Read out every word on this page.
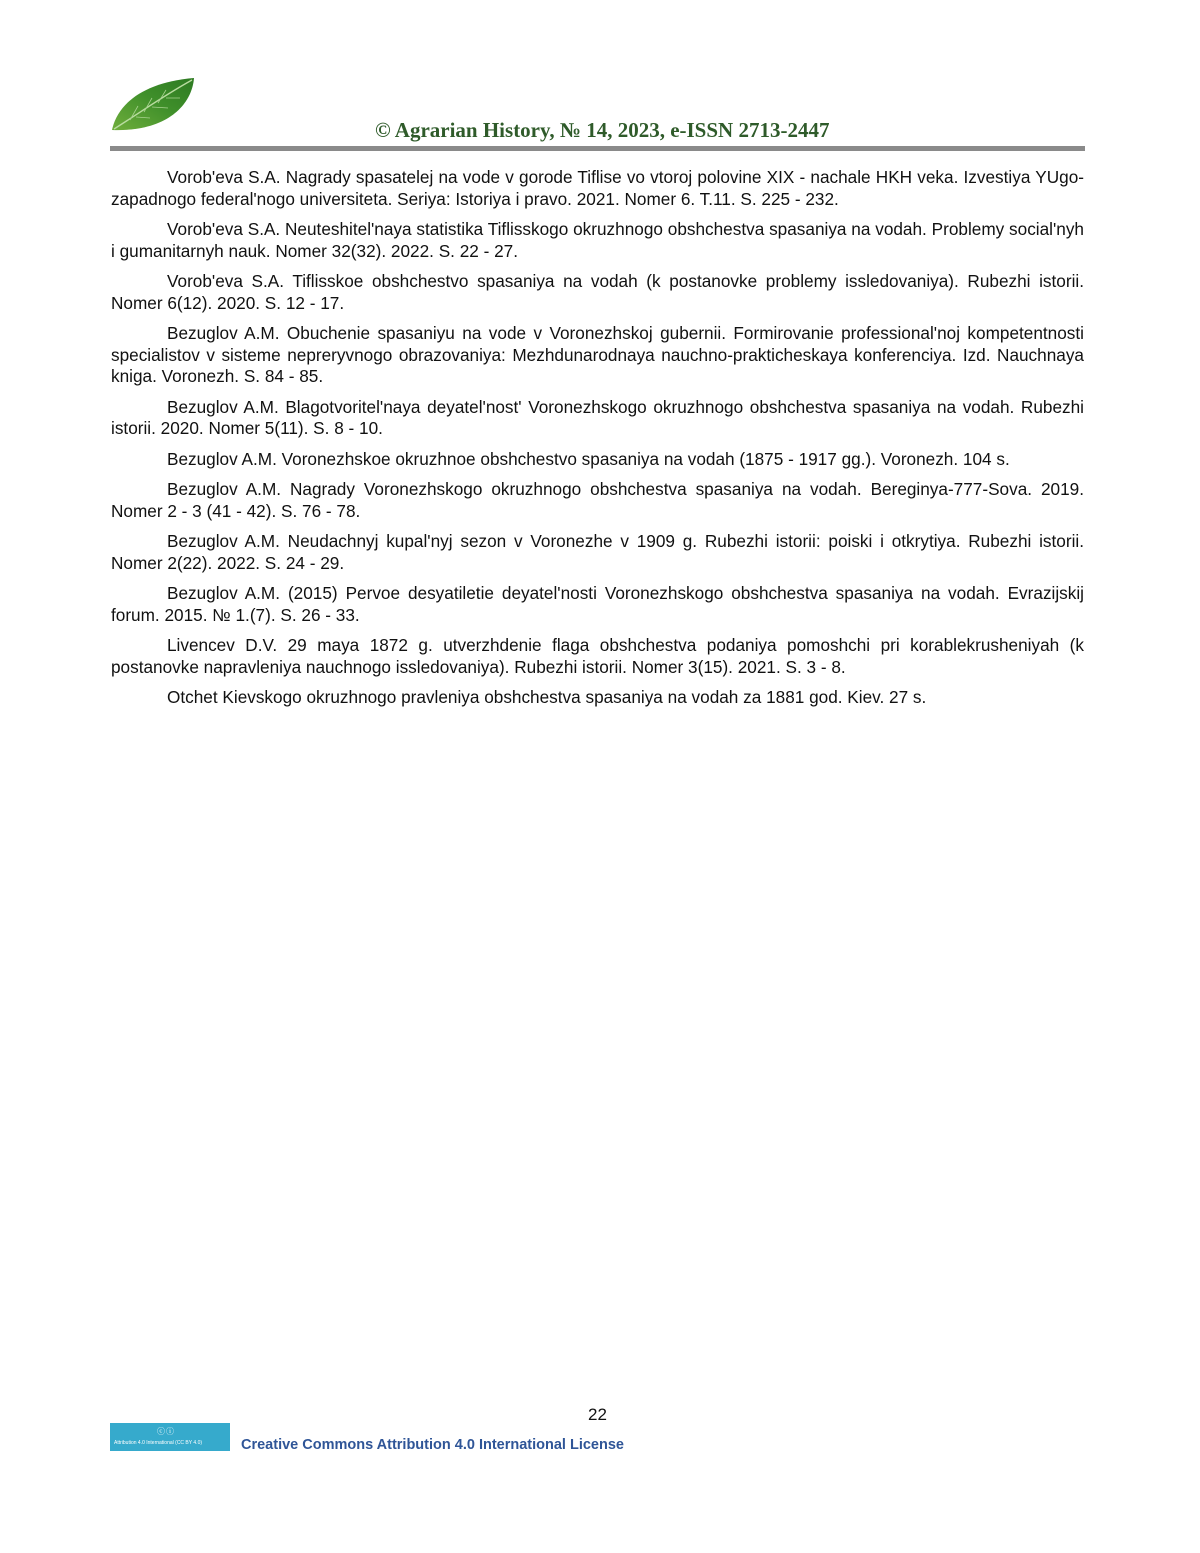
© Agrarian History, № 14, 2023, e-ISSN 2713-2447
Vorob'eva S.A. Nagrady spasatelej na vode v gorode Tiflise vo vtoroj polovine XIX - nachale HKH veka. Izvestiya YUgo-zapadnogo federal'nogo universiteta. Seriya: Istoriya i pravo. 2021. Nomer 6. T.11. S. 225 - 232.
Vorob'eva S.A. Neuteshitel'naya statistika Tiflisskogo okruzhnogo obshchestva spasaniya na vodah. Problemy social'nyh i gumanitarnyh nauk. Nomer 32(32). 2022. S. 22 - 27.
Vorob'eva S.A. Tiflisskoe obshchestvo spasaniya na vodah (k postanovke problemy issledovaniya). Rubezhi istorii. Nomer 6(12). 2020. S. 12 - 17.
Bezuglov A.M. Obuchenie spasaniyu na vode v Voronezhskoj gubernii. Formirovanie professional'noj kompetentnosti specialistov v sisteme nepreryvnogo obrazovaniya: Mezhdunarodnaya nauchno-prakticheskaya konferenciya. Izd. Nauchnaya kniga. Voronezh. S. 84 - 85.
Bezuglov A.M. Blagotvoritel'naya deyatel'nost' Voronezhskogo okruzhnogo obshchestva spasaniya na vodah. Rubezhi istorii. 2020. Nomer 5(11). S. 8 - 10.
Bezuglov A.M. Voronezhskoe okruzhnoe obshchestvo spasaniya na vodah (1875 - 1917 gg.). Voronezh. 104 s.
Bezuglov A.M. Nagrady Voronezhskogo okruzhnogo obshchestva spasaniya na vodah. Bereginya-777-Sova. 2019. Nomer 2 - 3 (41 - 42). S. 76 - 78.
Bezuglov A.M. Neudachnyj kupal'nyj sezon v Voronezhe v 1909 g. Rubezhi istorii: poiski i otkrytiya. Rubezhi istorii. Nomer 2(22). 2022. S. 24 - 29.
Bezuglov A.M. (2015) Pervoe desyatiletie deyatel'nosti Voronezhskogo obshchestva spasaniya na vodah. Evrazijskij forum. 2015. № 1.(7). S. 26 - 33.
Livencev D.V. 29 maya 1872 g. utverzhdenie flaga obshchestva podaniya pomoshchi pri korablekrusheniyah (k postanovke napravleniya nauchnogo issledovaniya). Rubezhi istorii. Nomer 3(15). 2021. S. 3 - 8.
Otchet Kievskogo okruzhnogo pravleniya obshchestva spasaniya na vodah za 1881 god. Kiev. 27 s.
22
ⓒⓘ
Attribution 4.0 International (CC BY 4.0)	Creative Commons Attribution 4.0 International License
